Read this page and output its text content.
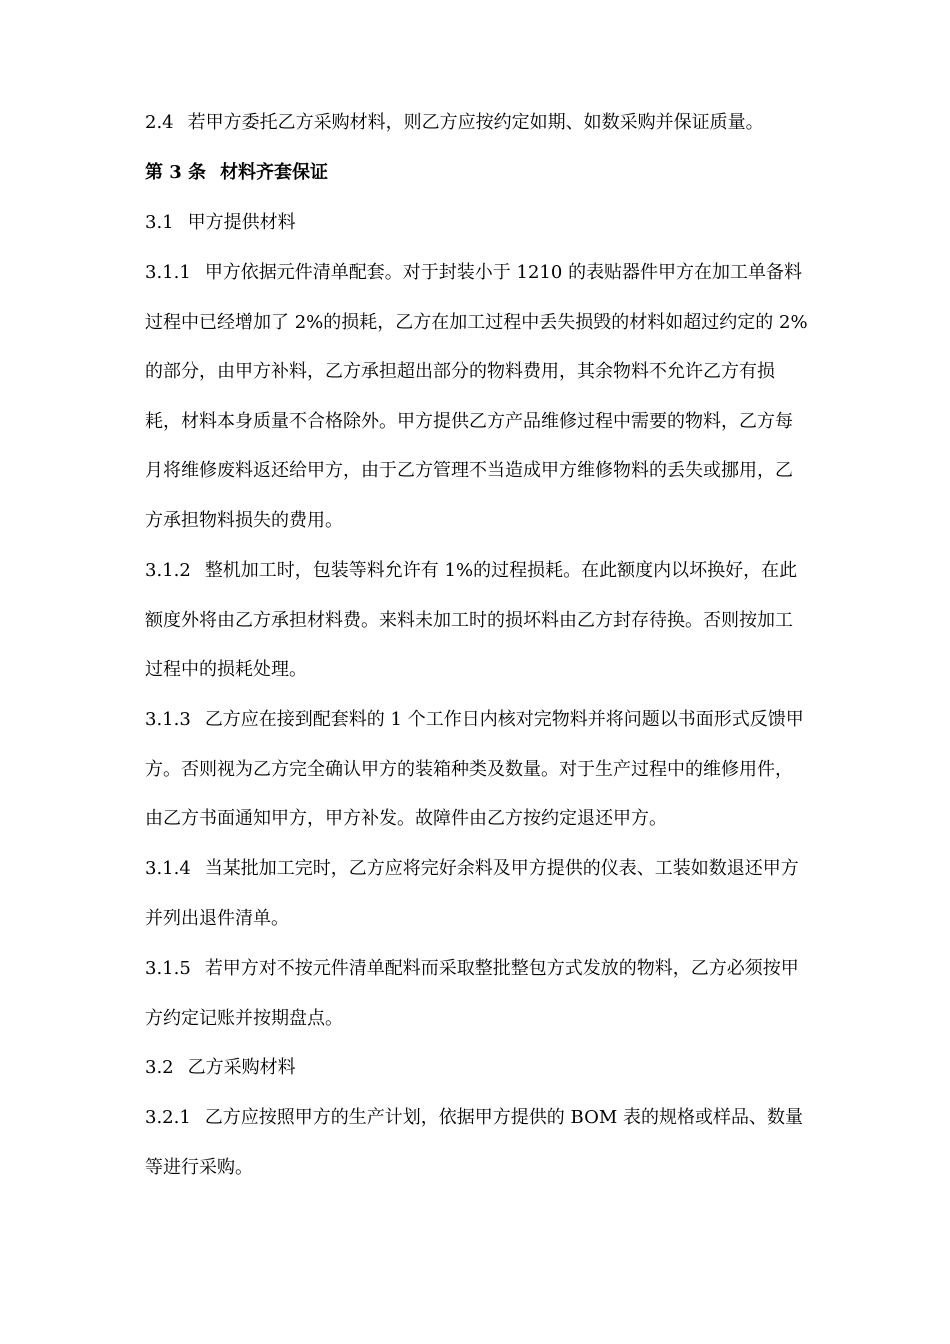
2.4 若甲方委托乙方采购材料，则乙方应按约定如期、如数采购并保证质量。

第 3 条 材料齐套保证

3.1 甲方提供材料

3.1.1 甲方依据元件清单配套。对于封装小于 1210 的表贴器件甲方在加工单备料过程中已经增加了 2%的损耗，乙方在加工过程中丢失损毁的材料如超过约定的 2%的部分，由甲方补料，乙方承担超出部分的物料费用，其余物料不允许乙方有损耗，材料本身质量不合格除外。甲方提供乙方产品维修过程中需要的物料，乙方每月将维修废料返还给甲方，由于乙方管理不当造成甲方维修物料的丢失或挪用，乙方承担物料损失的费用。

3.1.2 整机加工时，包装等料允许有 1%的过程损耗。在此额度内以坏换好，在此额度外将由乙方承担材料费。来料未加工时的损坏料由乙方封存待换。否则按加工过程中的损耗处理。

3.1.3 乙方应在接到配套料的 1 个工作日内核对完物料并将问题以书面形式反馈甲方。否则视为乙方完全确认甲方的装箱种类及数量。对于生产过程中的维修用件，由乙方书面通知甲方，甲方补发。故障件由乙方按约定退还甲方。

3.1.4 当某批加工完时，乙方应将完好余料及甲方提供的仪表、工装如数退还甲方并列出退件清单。

3.1.5 若甲方对不按元件清单配料而采取整批整包方式发放的物料，乙方必须按甲方约定记账并按期盘点。

3.2 乙方采购材料

3.2.1 乙方应按照甲方的生产计划，依据甲方提供的 BOM 表的规格或样品、数量等进行采购。
